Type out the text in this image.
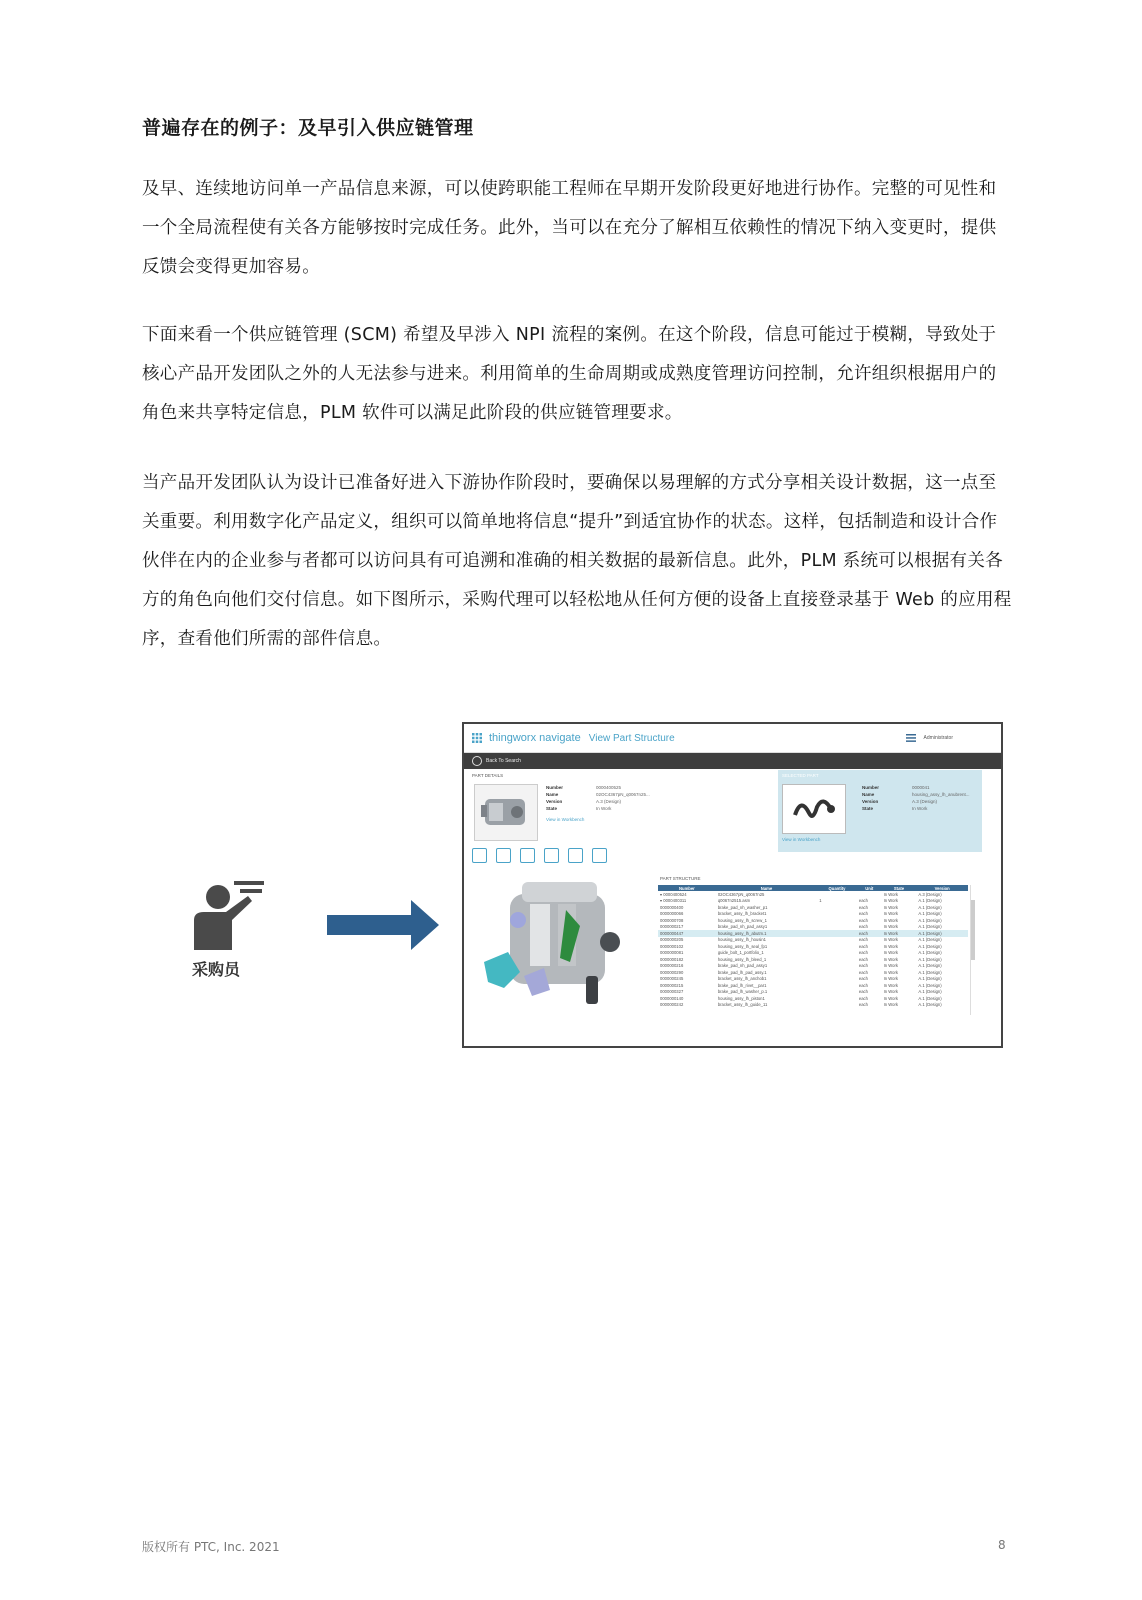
普遍存在的例子：及早引入供应链管理

及早、连续地访问单一产品信息来源，可以使跨职能工程师在早期开发阶段更好地进行协作。完整的可见性和一个全局流程使有关各方能够按时完成任务。此外，当可以在充分了解相互依赖性的情况下纳入变更时，提供反馈会变得更加容易。

下面来看一个供应链管理 (SCM) 希望及早涉入 NPI 流程的案例。在这个阶段，信息可能过于模糊，导致处于核心产品开发团队之外的人无法参与进来。利用简单的生命周期或成熟度管理访问控制，允许组织根据用户的角色来共享特定信息，PLM 软件可以满足此阶段的供应链管理要求。

当产品开发团队认为设计已准备好进入下游协作阶段时，要确保以易理解的方式分享相关设计数据，这一点至关重要。利用数字化产品定义，组织可以简单地将信息“提升”到适宜协作的状态。这样，包括制造和设计合作伙伴在内的企业参与者都可以访问具有可追溯和准确的相关数据的最新信息。此外，PLM 系统可以根据有关各方的角色向他们交付信息。如下图所示，采购代理可以轻松地从任何方便的设备上直接登录基于 Web 的应用程序，查看他们所需的部件信息。

采购员
thingworx navigate View Part Structure	Administrator
Back To Search
PART DETAILS
Number	0000400525
Name	02OC4367pN_q0067n25...
Version	A.3 (Design)
State	In Work
View in Workbench
SELECTED PART
Number	0000041
Name	housing_assy_lh_anubrent...
Version	A.3 (Design)
State	In Work
View in Workbench
PART STRUCTURE
Number	Name	Quantity	Unit	State	Version
▾ 0000400524	02OC4367pN_q0067n25			In Work	A.3 (Design)
▾ 0000400311	q0067n2515.asm	1	each	In Work	A.1 (Design)
0000000400	brake_pad_nh_washer_p1		each	In Work	A.1 (Design)
0000000066	bracket_assy_lh_bracket1		each	In Work	A.1 (Design)
0000000708	housing_assy_lh_screw_1		each	In Work	A.1 (Design)
0000000217	brake_pad_nh_pad_assy1		each	In Work	A.1 (Design)
0000000447	housing_assy_lh_abutm.1		each	In Work	A.1 (Design)
0000000205	housing_assy_lh_housin1		each	In Work	A.1 (Design)
0000000102	housing_assy_lh_seal_fp1		each	In Work	A.1 (Design)
0000000081	guide_bolt_1_portfolio_1		each	In Work	A.1 (Design)
0000000182	housing_assy_lh_bleed_1		each	In Work	A.1 (Design)
0000000216	brake_pad_nh_pad_assy1		each	In Work	A.1 (Design)
0000000290	brake_pad_lh_pad_assy.1		each	In Work	A.1 (Design)
0000000245	bracket_assy_lh_anchob1		each	In Work	A.1 (Design)
0000000215	brake_pad_lh_rivet__par1		each	In Work	A.1 (Design)
0000000327	brake_pad_lh_washer_p.1		each	In Work	A.1 (Design)
0000000140	housing_assy_lh_piston1		each	In Work	A.1 (Design)
0000000242	bracket_assy_lh_guide_11		each	In Work	A.1 (Design)
版权所有 PTC, Inc. 2021	8
